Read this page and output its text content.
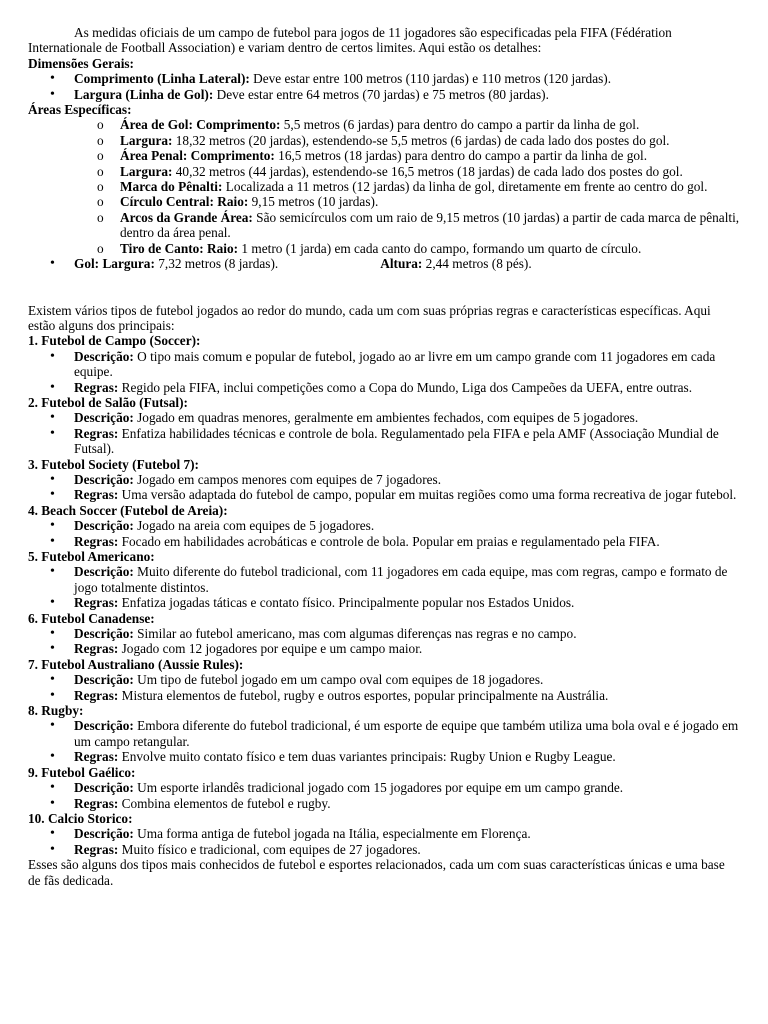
As medidas oficiais de um campo de futebol para jogos de 11 jogadores são especificadas pela FIFA (Fédération Internationale de Football Association) e variam dentro de certos limites. Aqui estão os detalhes:

Dimensões Gerais:

• Comprimento (Linha Lateral): Deve estar entre 100 metros (110 jardas) e 110 metros (120 jardas).
• Largura (Linha de Gol): Deve estar entre 64 metros (70 jardas) e 75 metros (80 jardas).

Áreas Específicas:

o Área de Gol: Comprimento: 5,5 metros (6 jardas) para dentro do campo a partir da linha de gol.
o Largura: 18,32 metros (20 jardas), estendendo-se 5,5 metros (6 jardas) de cada lado dos postes do gol.
o Área Penal: Comprimento: 16,5 metros (18 jardas) para dentro do campo a partir da linha de gol.
o Largura: 40,32 metros (44 jardas), estendendo-se 16,5 metros (18 jardas) de cada lado dos postes do gol.
o Marca do Pênalti: Localizada a 11 metros (12 jardas) da linha de gol, diretamente em frente ao centro do gol.
o Círculo Central: Raio: 9,15 metros (10 jardas).
o Arcos da Grande Área: São semicírculos com um raio de 9,15 metros (10 jardas) a partir de cada marca de pênalti, dentro da área penal.
o Tiro de Canto: Raio: 1 metro (1 jarda) em cada canto do campo, formando um quarto de círculo.
• Gol: Largura: 7,32 metros (8 jardas).	Altura: 2,44 metros (8 pés).

Existem vários tipos de futebol jogados ao redor do mundo, cada um com suas próprias regras e características específicas. Aqui estão alguns dos principais:

1. Futebol de Campo (Soccer):

• Descrição: O tipo mais comum e popular de futebol, jogado ao ar livre em um campo grande com 11 jogadores em cada equipe.
• Regras: Regido pela FIFA, inclui competições como a Copa do Mundo, Liga dos Campeões da UEFA, entre outras.

2. Futebol de Salão (Futsal):

• Descrição: Jogado em quadras menores, geralmente em ambientes fechados, com equipes de 5 jogadores.
• Regras: Enfatiza habilidades técnicas e controle de bola. Regulamentado pela FIFA e pela AMF (Associação Mundial de Futsal).

3. Futebol Society (Futebol 7):

• Descrição: Jogado em campos menores com equipes de 7 jogadores.
• Regras: Uma versão adaptada do futebol de campo, popular em muitas regiões como uma forma recreativa de jogar futebol.

4. Beach Soccer (Futebol de Areia):

• Descrição: Jogado na areia com equipes de 5 jogadores.
• Regras: Focado em habilidades acrobáticas e controle de bola. Popular em praias e regulamentado pela FIFA.

5. Futebol Americano:

• Descrição: Muito diferente do futebol tradicional, com 11 jogadores em cada equipe, mas com regras, campo e formato de jogo totalmente distintos.
• Regras: Enfatiza jogadas táticas e contato físico. Principalmente popular nos Estados Unidos.

6. Futebol Canadense:

• Descrição: Similar ao futebol americano, mas com algumas diferenças nas regras e no campo.
• Regras: Jogado com 12 jogadores por equipe e um campo maior.

7. Futebol Australiano (Aussie Rules):

• Descrição: Um tipo de futebol jogado em um campo oval com equipes de 18 jogadores.
• Regras: Mistura elementos de futebol, rugby e outros esportes, popular principalmente na Austrália.

8. Rugby:

• Descrição: Embora diferente do futebol tradicional, é um esporte de equipe que também utiliza uma bola oval e é jogado em um campo retangular.
• Regras: Envolve muito contato físico e tem duas variantes principais: Rugby Union e Rugby League.

9. Futebol Gaélico:

• Descrição: Um esporte irlandês tradicional jogado com 15 jogadores por equipe em um campo grande.
• Regras: Combina elementos de futebol e rugby.

10. Calcio Storico:

• Descrição: Uma forma antiga de futebol jogada na Itália, especialmente em Florença.
• Regras: Muito físico e tradicional, com equipes de 27 jogadores.

Esses são alguns dos tipos mais conhecidos de futebol e esportes relacionados, cada um com suas características únicas e uma base de fãs dedicada.
